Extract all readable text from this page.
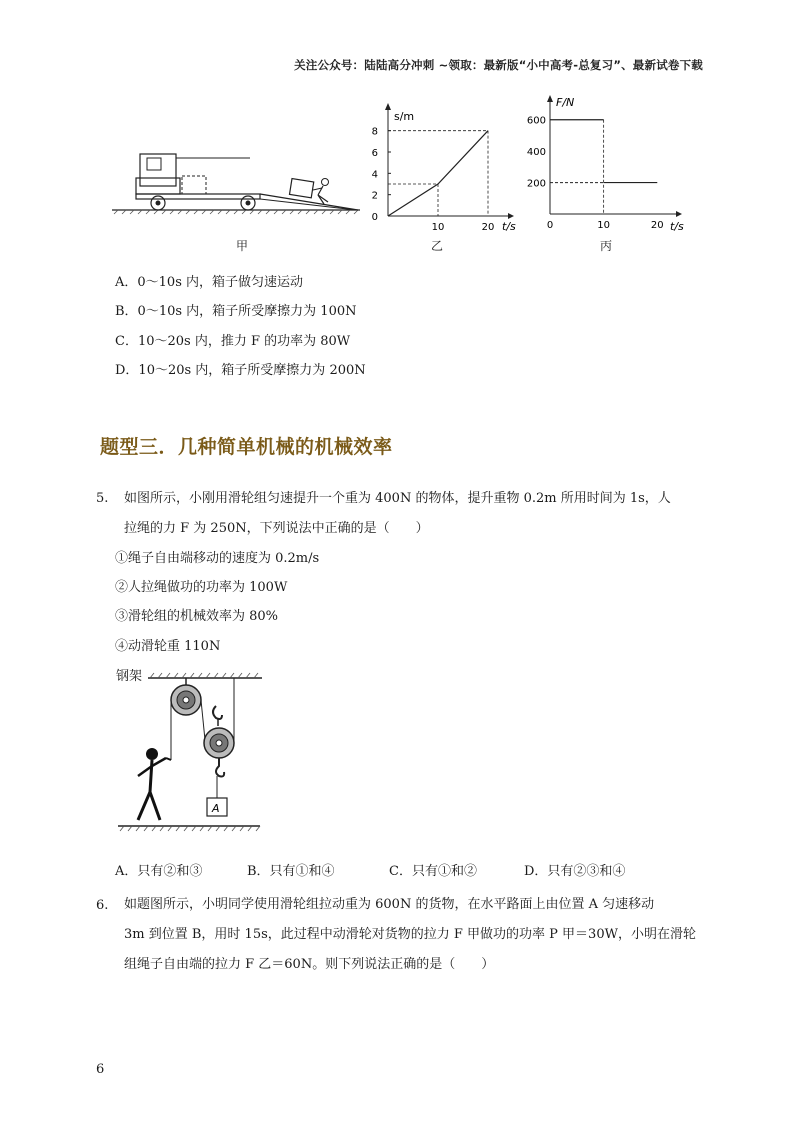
关注公众号：陆陆高分冲刺 ~领取：最新版“小中高考-总复习”、最新试卷下载
甲
s/m
t/s
0
2
4
6
8
10	20
乙
F/N
t/s
200
400
600
0	10	20
丙
A．0～10s 内，箱子做匀速运动
B．0～10s 内，箱子所受摩擦力为 100N
C．10～20s 内，推力 F 的功率为 80W
D．10～20s 内，箱子所受摩擦力为 200N
题型三．几种简单机械的机械效率
5. 如图所示，小刚用滑轮组匀速提升一个重为 400N 的物体，提升重物 0.2m 所用时间为 1s，人
拉绳的力 F 为 250N，下列说法中正确的是（　　）
①绳子自由端移动的速度为 0.2m/s
②人拉绳做功的功率为 100W
③滑轮组的机械效率为 80%
④动滑轮重 110N
钢架
A
A．只有②和③	B．只有①和④	C．只有①和②	D．只有②③和④
6. 如题图所示，小明同学使用滑轮组拉动重为 600N 的货物，在水平路面上由位置 A 匀速移动
3m 到位置 B，用时 15s，此过程中动滑轮对货物的拉力 F 甲做功的功率 P 甲＝30W，小明在滑轮
组绳子自由端的拉力 F 乙＝60N。则下列说法正确的是（　　）
6
